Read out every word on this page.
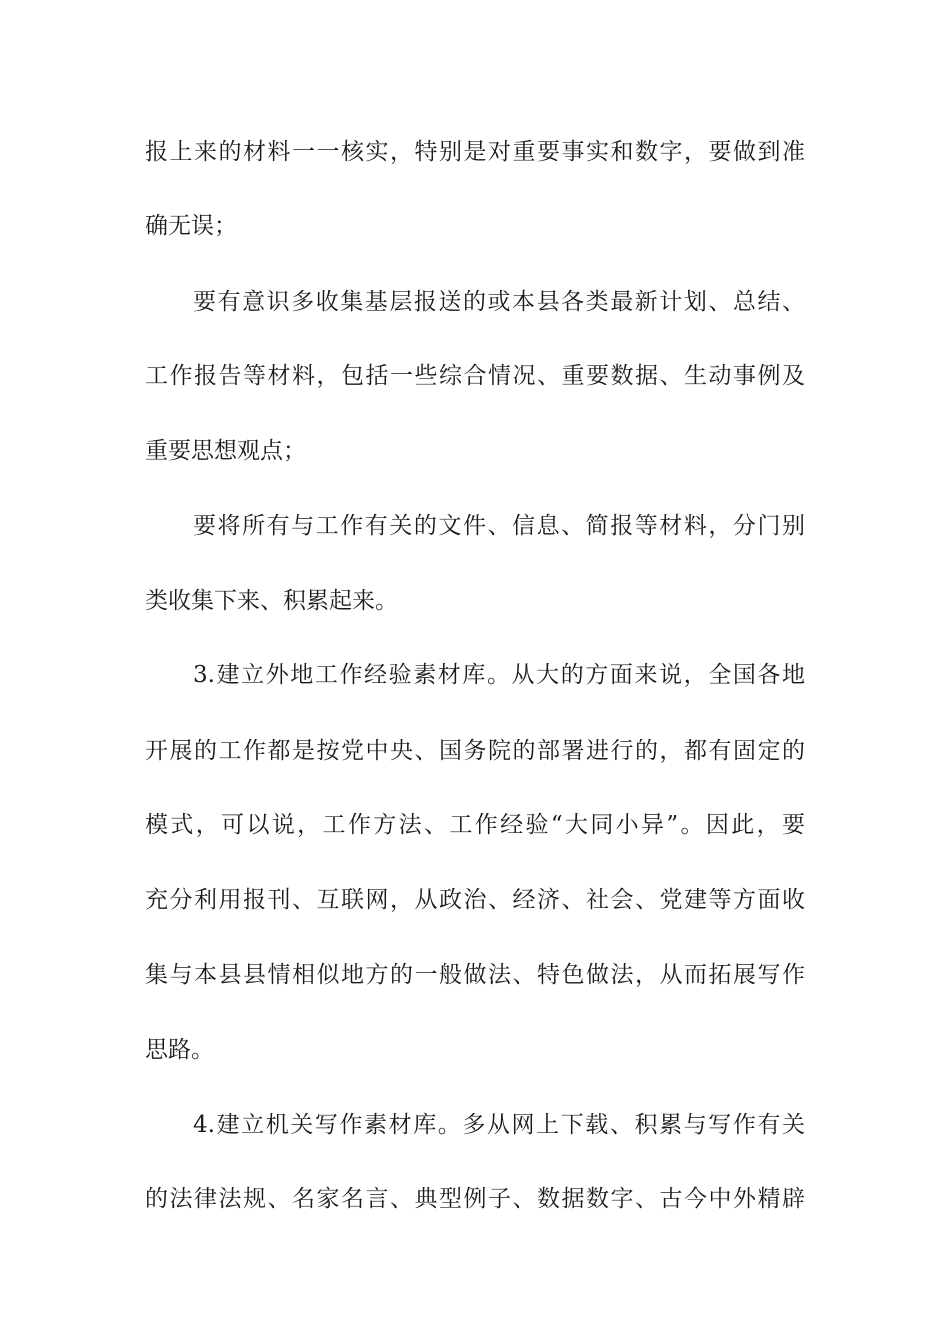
报上来的材料一一核实，特别是对重要事实和数字，要做到准
确无误；
要有意识多收集基层报送的或本县各类最新计划、总结、
工作报告等材料，包括一些综合情况、重要数据、生动事例及
重要思想观点；
要将所有与工作有关的文件、信息、简报等材料，分门别
类收集下来、积累起来。
3.建立外地工作经验素材库。从大的方面来说，全国各地
开展的工作都是按党中央、国务院的部署进行的，都有固定的
模式，可以说，工作方法、工作经验“大同小异”。因此，要
充分利用报刊、互联网，从政治、经济、社会、党建等方面收
集与本县县情相似地方的一般做法、特色做法，从而拓展写作
思路。
4.建立机关写作素材库。多从网上下载、积累与写作有关
的法律法规、名家名言、典型例子、数据数字、古今中外精辟
